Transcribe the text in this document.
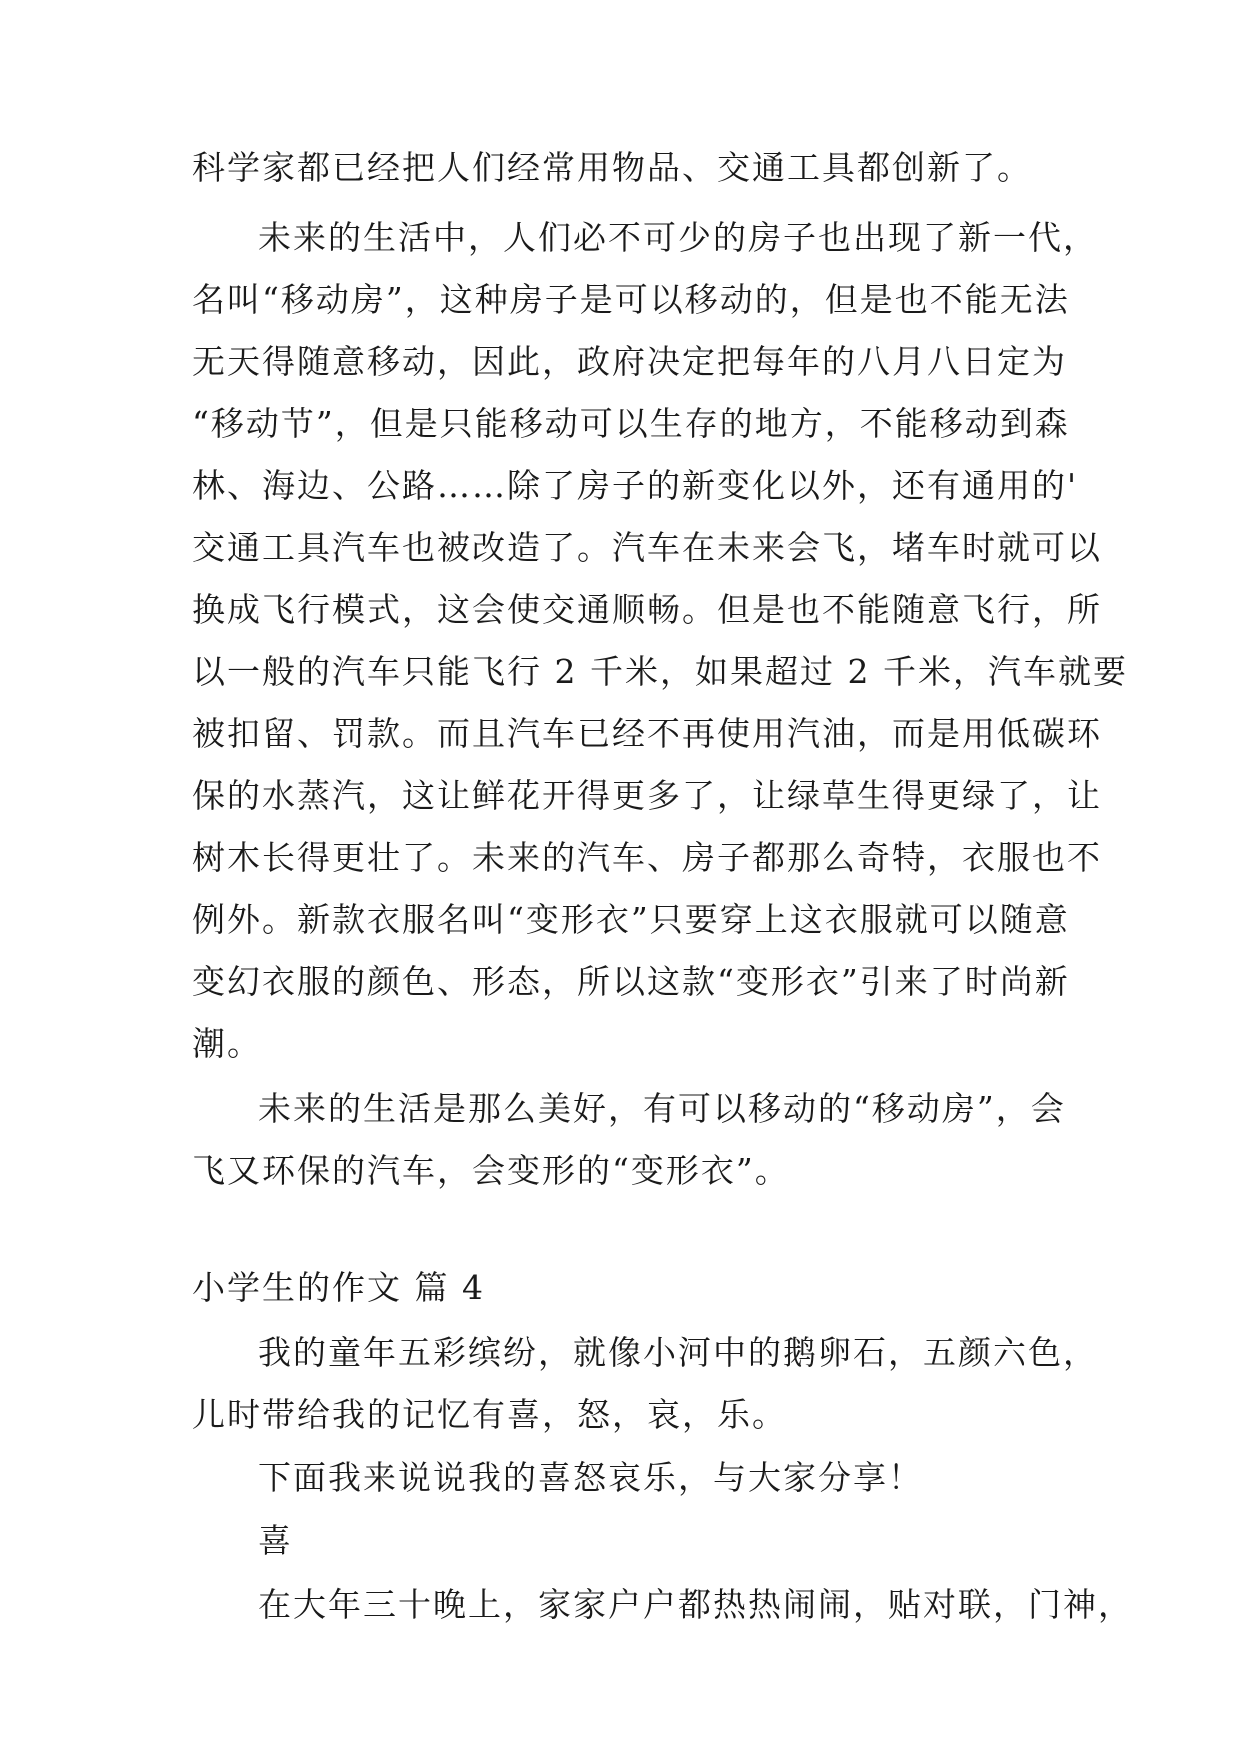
科学家都已经把人们经常用物品、交通工具都创新了。
未来的生活中，人们必不可少的房子也出现了新一代，
名叫“移动房”，这种房子是可以移动的，但是也不能无法
无天得随意移动，因此，政府决定把每年的八月八日定为
“移动节”，但是只能移动可以生存的地方，不能移动到森
林、海边、公路……除了房子的新变化以外，还有通用的'
交通工具汽车也被改造了。汽车在未来会飞，堵车时就可以
换成飞行模式，这会使交通顺畅。但是也不能随意飞行，所
以一般的汽车只能飞行 2 千米，如果超过 2 千米，汽车就要
被扣留、罚款。而且汽车已经不再使用汽油，而是用低碳环
保的水蒸汽，这让鲜花开得更多了，让绿草生得更绿了，让
树木长得更壮了。未来的汽车、房子都那么奇特，衣服也不
例外。新款衣服名叫“变形衣”只要穿上这衣服就可以随意
变幻衣服的颜色、形态，所以这款“变形衣”引来了时尚新
潮。
未来的生活是那么美好，有可以移动的“移动房”，会
飞又环保的汽车，会变形的“变形衣”。
小学生的作文 篇 4
我的童年五彩缤纷，就像小河中的鹅卵石，五颜六色，
儿时带给我的记忆有喜，怒，哀，乐。
下面我来说说我的喜怒哀乐，与大家分享！
喜
在大年三十晚上，家家户户都热热闹闹，贴对联，门神，
